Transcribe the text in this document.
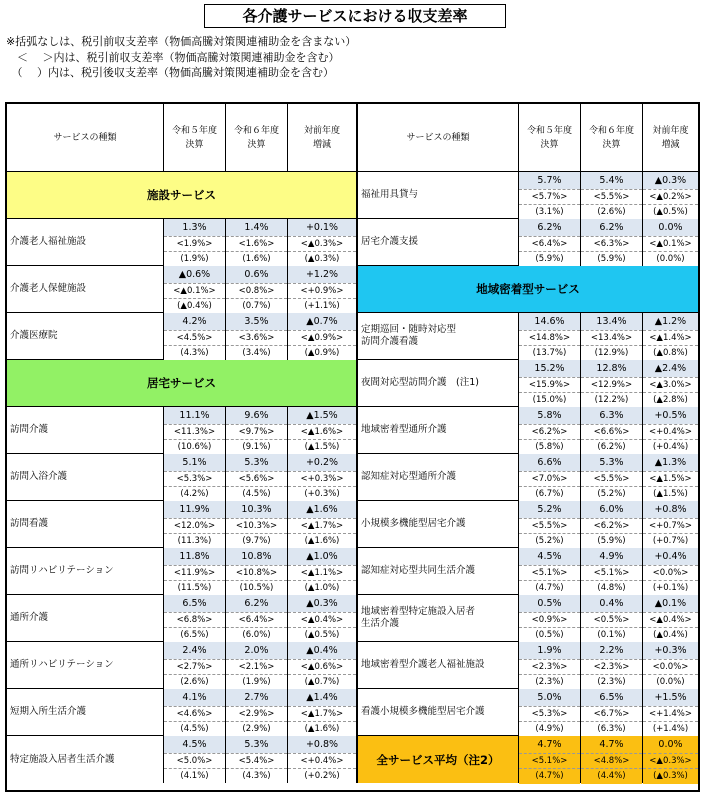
各介護サービスにおける収支差率
※括弧なしは、税引前収支差率（物価高騰対策関連補助金を含まない）
　＜　 ＞内は、税引前収支差率（物価高騰対策関連補助金を含む）
　（　 ）内は、税引後収支差率（物価高騰対策関連補助金を含む）
サービスの種類
令和５年度
決算
令和６年度
決算
対前年度
増減
サービスの種類
令和５年度
決算
令和６年度
決算
対前年度
増減
施設サービス
介護老人福祉施設
1.3%
<1.9%>
(1.9%)
1.4%
<1.6%>
(1.6%)
+0.1%
<▲0.3%>
(▲0.3%)
介護老人保健施設
▲0.6%
<▲0.1%>
(▲0.4%)
0.6%
<0.8%>
(0.7%)
+1.2%
<+0.9%>
(+1.1%)
介護医療院
4.2%
<4.5%>
(4.3%)
3.5%
<3.6%>
(3.4%)
▲0.7%
<▲0.9%>
(▲0.9%)
居宅サービス
訪問介護
11.1%
<11.3%>
(10.6%)
9.6%
<9.7%>
(9.1%)
▲1.5%
<▲1.6%>
(▲1.5%)
訪問入浴介護
5.1%
<5.3%>
(4.2%)
5.3%
<5.6%>
(4.5%)
+0.2%
<+0.3%>
(+0.3%)
訪問看護
11.9%
<12.0%>
(11.3%)
10.3%
<10.3%>
(9.7%)
▲1.6%
<▲1.7%>
(▲1.6%)
訪問リハビリテーション
11.8%
<11.9%>
(11.5%)
10.8%
<10.8%>
(10.5%)
▲1.0%
<▲1.1%>
(▲1.0%)
通所介護
6.5%
<6.8%>
(6.5%)
6.2%
<6.4%>
(6.0%)
▲0.3%
<▲0.4%>
(▲0.5%)
通所リハビリテーション
2.4%
<2.7%>
(2.6%)
2.0%
<2.1%>
(1.9%)
▲0.4%
<▲0.6%>
(▲0.7%)
短期入所生活介護
4.1%
<4.6%>
(4.5%)
2.7%
<2.9%>
(2.9%)
▲1.4%
<▲1.7%>
(▲1.6%)
特定施設入居者生活介護
4.5%
<5.0%>
(4.1%)
5.3%
<5.4%>
(4.3%)
+0.8%
<+0.4%>
(+0.2%)
福祉用具貸与
5.7%
<5.7%>
(3.1%)
5.4%
<5.5%>
(2.6%)
▲0.3%
<▲0.2%>
(▲0.5%)
居宅介護支援
6.2%
<6.4%>
(5.9%)
6.2%
<6.3%>
(5.9%)
0.0%
<▲0.1%>
(0.0%)
地域密着型サービス
定期巡回・随時対応型
訪問介護看護
14.6%
<14.8%>
(13.7%)
13.4%
<13.4%>
(12.9%)
▲1.2%
<▲1.4%>
(▲0.8%)
夜間対応型訪問介護　(注1)
15.2%
<15.9%>
(15.0%)
12.8%
<12.9%>
(12.2%)
▲2.4%
<▲3.0%>
(▲2.8%)
地域密着型通所介護
5.8%
<6.2%>
(5.8%)
6.3%
<6.6%>
(6.2%)
+0.5%
<+0.4%>
(+0.4%)
認知症対応型通所介護
6.6%
<7.0%>
(6.7%)
5.3%
<5.5%>
(5.2%)
▲1.3%
<▲1.5%>
(▲1.5%)
小規模多機能型居宅介護
5.2%
<5.5%>
(5.2%)
6.0%
<6.2%>
(5.9%)
+0.8%
<+0.7%>
(+0.7%)
認知症対応型共同生活介護
4.5%
<5.1%>
(4.7%)
4.9%
<5.1%>
(4.8%)
+0.4%
<0.0%>
(+0.1%)
地域密着型特定施設入居者
生活介護
0.5%
<0.9%>
(0.5%)
0.4%
<0.5%>
(0.1%)
▲0.1%
<▲0.4%>
(▲0.4%)
地域密着型介護老人福祉施設
1.9%
<2.3%>
(2.3%)
2.2%
<2.3%>
(2.3%)
+0.3%
<0.0%>
(0.0%)
看護小規模多機能型居宅介護
5.0%
<5.3%>
(4.9%)
6.5%
<6.7%>
(6.3%)
+1.5%
<+1.4%>
(+1.4%)
全サービス平均（注2）
4.7%
<5.1%>
(4.7%)
4.7%
<4.8%>
(4.4%)
0.0%
<▲0.3%>
(▲0.3%)
